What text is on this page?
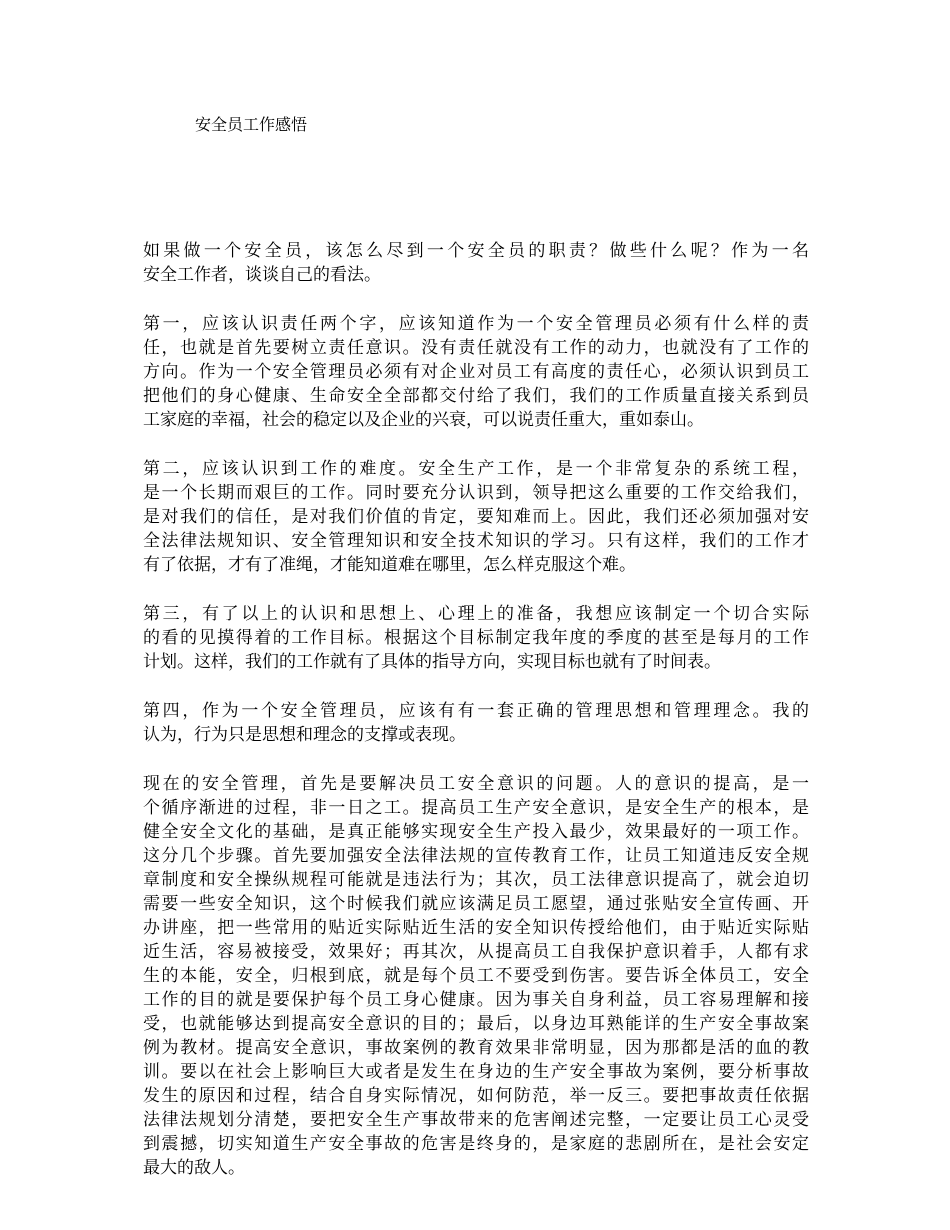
安全员工作感悟

如果做一个安全员，该怎么尽到一个安全员的职责？做些什么呢？作为一名
安全工作者，谈谈自己的看法。

第一，应该认识责任两个字，应该知道作为一个安全管理员必须有什么样的责
任，也就是首先要树立责任意识。没有责任就没有工作的动力，也就没有了工作的
方向。作为一个安全管理员必须有对企业对员工有高度的责任心，必须认识到员工
把他们的身心健康、生命安全全部都交付给了我们，我们的工作质量直接关系到员
工家庭的幸福，社会的稳定以及企业的兴衰，可以说责任重大，重如泰山。

第二，应该认识到工作的难度。安全生产工作，是一个非常复杂的系统工程，
是一个长期而艰巨的工作。同时要充分认识到，领导把这么重要的工作交给我们，
是对我们的信任，是对我们价值的肯定，要知难而上。因此，我们还必须加强对安
全法律法规知识、安全管理知识和安全技术知识的学习。只有这样，我们的工作才
有了依据，才有了准绳，才能知道难在哪里，怎么样克服这个难。

第三，有了以上的认识和思想上、心理上的准备，我想应该制定一个切合实际
的看的见摸得着的工作目标。根据这个目标制定我年度的季度的甚至是每月的工作
计划。这样，我们的工作就有了具体的指导方向，实现目标也就有了时间表。

第四，作为一个安全管理员，应该有有一套正确的管理思想和管理理念。我的
认为，行为只是思想和理念的支撑或表现。

现在的安全管理，首先是要解决员工安全意识的问题。人的意识的提高，是一
个循序渐进的过程，非一日之工。提高员工生产安全意识，是安全生产的根本，是
健全安全文化的基础，是真正能够实现安全生产投入最少，效果最好的一项工作。
这分几个步骤。首先要加强安全法律法规的宣传教育工作，让员工知道违反安全规
章制度和安全操纵规程可能就是违法行为；其次，员工法律意识提高了，就会迫切
需要一些安全知识，这个时候我们就应该满足员工愿望，通过张贴安全宣传画、开
办讲座，把一些常用的贴近实际贴近生活的安全知识传授给他们，由于贴近实际贴
近生活，容易被接受，效果好；再其次，从提高员工自我保护意识着手，人都有求
生的本能，安全，归根到底，就是每个员工不要受到伤害。要告诉全体员工，安全
工作的目的就是要保护每个员工身心健康。因为事关自身利益，员工容易理解和接
受，也就能够达到提高安全意识的目的；最后，以身边耳熟能详的生产安全事故案
例为教材。提高安全意识，事故案例的教育效果非常明显，因为那都是活的血的教
训。要以在社会上影响巨大或者是发生在身边的生产安全事故为案例，要分析事故
发生的原因和过程，结合自身实际情况，如何防范，举一反三。要把事故责任依据
法律法规划分清楚，要把安全生产事故带来的危害阐述完整，一定要让员工心灵受
到震撼，切实知道生产安全事故的危害是终身的，是家庭的悲剧所在，是社会安定
最大的敌人。
